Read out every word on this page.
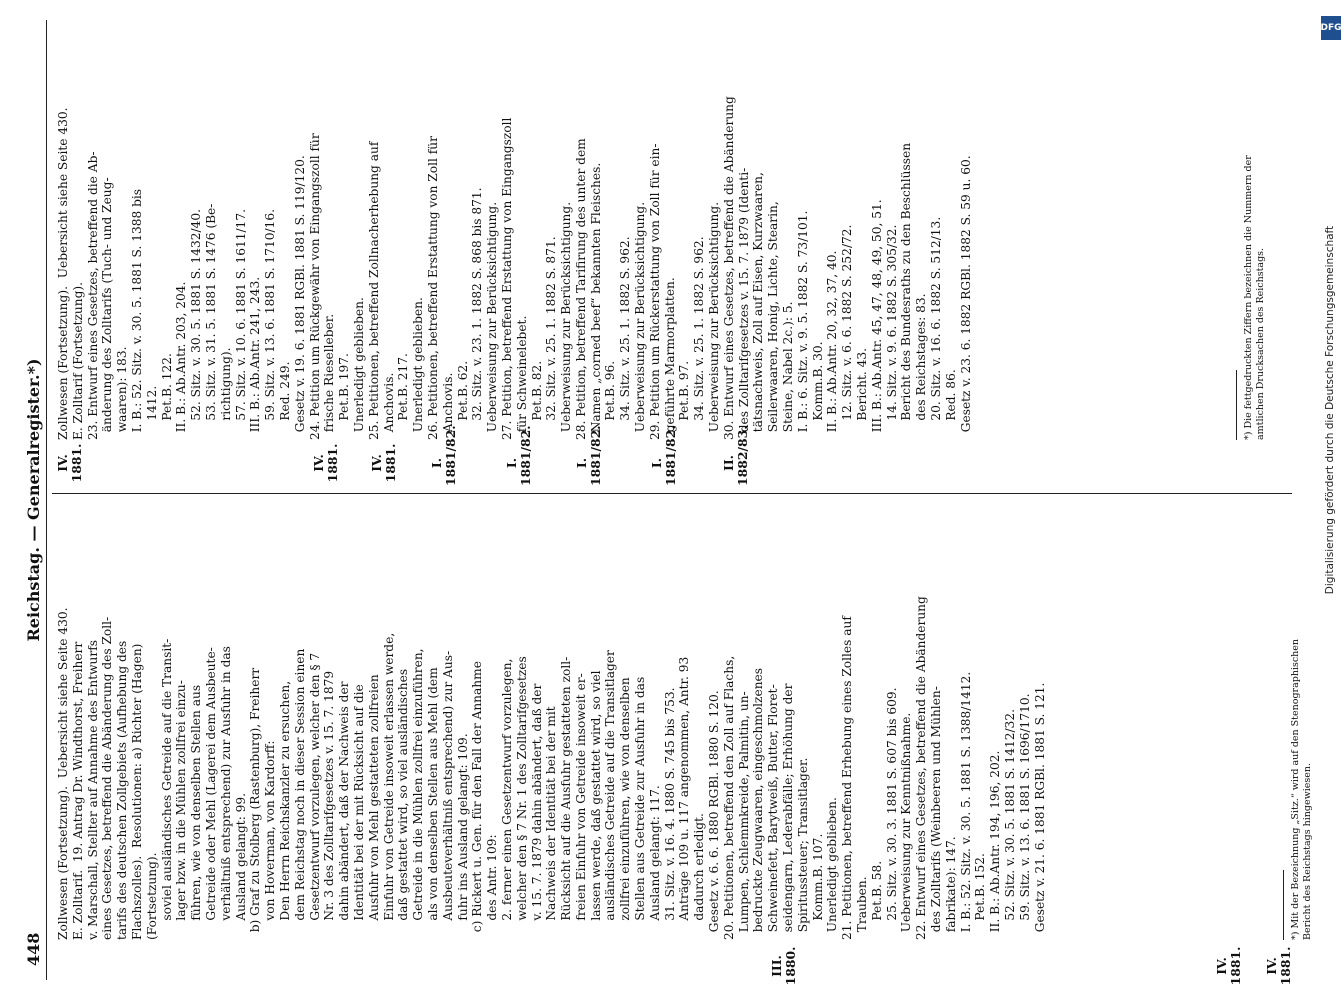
448
Reichstag. — Generalregister.*)
III. 1880.	IV. 1881. IV. 1881.
Zollwesen (Fortsetzung).  Uebersicht siehe Seite 430. E. Zolltarif.  19. Antrag Dr. Windthorst, Freiherr v. Marschall, Stellter auf Annahme des Entwurfs eines Gesetzes, betreffend die Abänderung des Zoll- tarifs des deutschen Zollgebiets (Aufhebung des Flachszolles).  Resolutionen: a) Richter (Hagen) (Fortsetzung). soviel ausländisches Getreide auf die Transit- lager bzw. in die Mühlen zollfrei einzu- führen, wie von denselben Stellen aus Getreide oder Mehl (Lagerei dem Ausbeute- verhältniß entsprechend) zur Ausfuhr in das Ausland gelangt: 99. b) Graf zu Stolberg (Rastenburg), Freiherr von Hoverman, von Kardorff: Den Herrn Reichskanzler zu ersuchen, dem Reichstag noch in dieser Session einen Gesetzentwurf vorzulegen, welcher den § 7 Nr. 3 des Zolltarifgesetzes v. 15. 7. 1879 dahin abändert, daß der Nachweis der Identität bei der mit Rücksicht auf die Ausfuhr von Mehl gestatteten zollfreien Einfuhr von Getreide insoweit erlassen werde, daß gestattet wird, so viel ausländisches Getreide in die Mühlen zollfrei einzuführen, als von denselben Stellen aus Mehl (dem Ausbeuteverhältniß entsprechend) zur Aus- fuhr ins Ausland gelangt: 109. c) Rickert u. Gen. für den Fall der Annahme des Antr. 109: 2. ferner einen Gesetzentwurf vorzulegen, welcher den § 7 Nr. 1 des Zolltarifgesetzes v. 15. 7. 1879 dahin abändert, daß der Nachweis der Identität bei der mit Rücksicht auf die Ausfuhr gestatteten zoll- freien Einfuhr von Getreide insoweit er- lassen werde, daß gestattet wird, so viel ausländisches Getreide auf die Transitlager zollfrei einzuführen, wie von denselben Stellen aus Getreide zur Ausfuhr in das Ausland gelangt: 117. 31. Sitz. v. 16. 4. 1880 S. 745 bis 753. Anträge 109 u. 117 angenommen, Antr. 93 dadurch erledigt. Gesetz v. 6. 6. 1880 RGBl. 1880 S. 120. 20. Petitionen, betreffend den Zoll auf Flachs, Lumpen, Schlemmkreide, Palmitin, un- bedruckte Zeugwaaren, eingeschmolzenes Schweinefett, Barytweiß, Butter, Floret- seidengarn, Lederabfälle; Erhöhung der Spiritussteuer; Transitlager. Komm.B. 107. Unerledigt geblieben. 21. Petitionen, betreffend Erhebung eines Zolles auf Trauben. Pet.B. 58. 25. Sitz. v. 30. 3. 1881 S. 607 bis 609. Ueberweisung zur Kenntnißnahme. 22. Entwurf eines Gesetzes, betreffend die Abänderung des Zolltarifs (Weinbeeren und Mühlen- fabrikate): 147. I. B.: 52. Sitz. v. 30. 5. 1881 S. 1388/1412. Pet.B. 152. II. B.: Ab.Antr. 194, 196, 202. 52. Sitz. v. 30. 5. 1881 S. 1412/32. 59. Sitz. v. 13. 6. 1881 S. 1696/1710. Gesetz v. 21. 6. 1881 RGBl. 1881 S. 121.
Zollwesen (Fortsetzung).  Uebersicht siehe Seite 430. E. Zolltarif (Fortsetzung). 23. Entwurf eines Gesetzes, betreffend die Ab- änderung des Zolltarifs (Tuch- und Zeug- waaren): 183. I. B.: 52. Sitz. v. 30. 5. 1881 S. 1388 bis 1412. Pet.B. 122. II. B.: Ab.Antr. 203, 204. 52. Sitz. v. 30. 5. 1881 S. 1432/40. 53. Sitz. v. 31. 5. 1881 S. 1476 (Be- richtigung). 57. Sitz. v. 10. 6. 1881 S. 1611/17. III. B.: Ab.Antr. 241, 243. 59. Sitz. v. 13. 6. 1881 S. 1710/16. Red. 249. Gesetz v. 19. 6. 1881 RGBl. 1881 S. 119/120. 24. Petition um Rückgewähr von Eingangszoll für frische Rieselleber. Pet.B. 197. Unerledigt geblieben. 25. Petitionen, betreffend Zollnacherhebung auf Anchovis. Pet.B. 217. Unerledigt geblieben. 26. Petitionen, betreffend Erstattung von Zoll für Anchovis. Pet.B. 62. 32. Sitz. v. 23. 1. 1882 S. 868 bis 871. Ueberweisung zur Berücksichtigung. 27. Petition, betreffend Erstattung von Eingangszoll für Schweinelebet. Pet.B. 82. 32. Sitz. v. 25. 1. 1882 S. 871. Ueberweisung zur Berücksichtigung. 28. Petition, betreffend Tarifirung des unter dem Namen „corned beef“ bekannten Fleisches. Pet.B. 96. 34. Sitz. v. 25. 1. 1882 S. 962. Ueberweisung zur Berücksichtigung. 29. Petition um Rückerstattung von Zoll für ein- geführte Marmorplatten. Pet.B. 97. 34. Sitz. v. 25. 1. 1882 S. 962. Ueberweisung zur Berücksichtigung. 30. Entwurf eines Gesetzes, betreffend die Abänderung des Zolltarifgesetzes v. 15. 7. 1879 (Identi- tätsnachweis, Zoll auf Eisen, Kurzwaaren, Seilerwaaren, Honig, Lichte, Stearin, Steine, Nabel 2c.): 5. I. B.: 6. Sitz. v. 9. 5. 1882 S. 73/101. Komm.B. 30. II. B.: Ab.Antr. 20, 32, 37, 40. 12. Sitz. v. 6. 6. 1882 S. 252/72. Bericht. 43. III. B.: Ab.Antr. 45, 47, 48, 49, 50, 51. 14. Sitz. v. 9. 6. 1882 S. 305/32. Bericht des Bundesraths zu den Beschlüssen des Reichstages: 83. 20. Sitz. v. 16. 6. 1882 S. 512/13. Red. 86. Gesetz v. 23. 6. 1882 RGBl. 1882 S. 59 u. 60.
IV. 1881.	IV. 1881. IV. 1881. I. 1881/82.	I. 1881/82.	I. 1881/82.	I. 1881/82.	II. 1882/83.

*) Mit der Bezeichnung „Sitz.“ wird auf den Stenographischen Bericht des Reichstags hingewiesen.

*) Die fettgedruckten Ziffern bezeichnen die Nummern der amtlichen Drucksachen des Reichstags.

DFG
Digitalisierung gefördert durch die Deutsche Forschungsgemeinschaft
